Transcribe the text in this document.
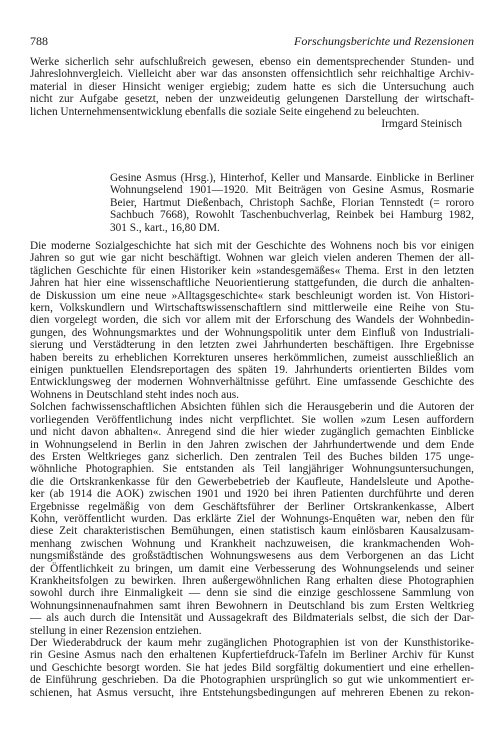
788	Forschungsberichte und Rezensionen

Werke sicherlich sehr aufschlußreich gewesen, ebenso ein dementsprechender Stunden- und
Jahreslohnvergleich. Vielleicht aber war das ansonsten offensichtlich sehr reichhaltige Archiv-
material in dieser Hinsicht weniger ergiebig; zudem hatte es sich die Untersuchung auch
nicht zur Aufgabe gesetzt, neben der unzweideutig gelungenen Darstellung der wirtschaft-
lichen Unternehmensentwicklung ebenfalls die soziale Seite eingehend zu beleuchten.

Irmgard Steinisch

Gesine Asmus (Hrsg.), Hinterhof, Keller und Mansarde. Einblicke in Berliner
Wohnungselend 1901—1920. Mit Beiträgen von Gesine Asmus, Rosmarie
Beier, Hartmut Dießenbach, Christoph Sachße, Florian Tennstedt (= rororo
Sachbuch 7668), Rowohlt Taschenbuchverlag, Reinbek bei Hamburg 1982,
301 S., kart., 16,80 DM.

Die moderne Sozialgeschichte hat sich mit der Geschichte des Wohnens noch bis vor einigen
Jahren so gut wie gar nicht beschäftigt. Wohnen war gleich vielen anderen Themen der all-
täglichen Geschichte für einen Historiker kein »standesgemäßes« Thema. Erst in den letzten
Jahren hat hier eine wissenschaftliche Neuorientierung stattgefunden, die durch die anhalten-
de Diskussion um eine neue »Alltagsgeschichte« stark beschleunigt worden ist. Von Histori-
kern, Volkskundlern und Wirtschaftswissenschaftlern sind mittlerweile eine Reihe von Stu-
dien vorgelegt worden, die sich vor allem mit der Erforschung des Wandels der Wohnbedin-
gungen, des Wohnungsmarktes und der Wohnungspolitik unter dem Einfluß von Industriali-
sierung und Verstädterung in den letzten zwei Jahrhunderten beschäftigen. Ihre Ergebnisse
haben bereits zu erheblichen Korrekturen unseres herkömmlichen, zumeist ausschließlich an
einigen punktuellen Elendsreportagen des späten 19. Jahrhunderts orientierten Bildes vom
Entwicklungsweg der modernen Wohnverhältnisse geführt. Eine umfassende Geschichte des
Wohnens in Deutschland steht indes noch aus.

Solchen fachwissenschaftlichen Absichten fühlen sich die Herausgeberin und die Autoren der
vorliegenden Veröffentlichung indes nicht verpflichtet. Sie wollen »zum Lesen auffordern
und nicht davon abhalten«. Anregend sind die hier wieder zugänglich gemachten Einblicke
in Wohnungselend in Berlin in den Jahren zwischen der Jahrhundertwende und dem Ende
des Ersten Weltkrieges ganz sicherlich. Den zentralen Teil des Buches bilden 175 unge-
wöhnliche Photographien. Sie entstanden als Teil langjähriger Wohnungsuntersuchungen,
die die Ortskrankenkasse für den Gewerbebetrieb der Kaufleute, Handelsleute und Apothe-
ker (ab 1914 die AOK) zwischen 1901 und 1920 bei ihren Patienten durchführte und deren
Ergebnisse regelmäßig von dem Geschäftsführer der Berliner Ortskrankenkasse, Albert
Kohn, veröffentlicht wurden. Das erklärte Ziel der Wohnungs-Enquêten war, neben den für
diese Zeit charakteristischen Bemühungen, einen statistisch kaum einlösbaren Kausalzusam-
menhang zwischen Wohnung und Krankheit nachzuweisen, die krankmachenden Woh-
nungsmißstände des großstädtischen Wohnungswesens aus dem Verborgenen an das Licht
der Öffentlichkeit zu bringen, um damit eine Verbesserung des Wohnungselends und seiner
Krankheitsfolgen zu bewirken. Ihren außergewöhnlichen Rang erhalten diese Photographien
sowohl durch ihre Einmaligkeit — denn sie sind die einzige geschlossene Sammlung von
Wohnungsinnenaufnahmen samt ihren Bewohnern in Deutschland bis zum Ersten Weltkrieg
— als auch durch die Intensität und Aussagekraft des Bildmaterials selbst, die sich der Dar-
stellung in einer Rezension entziehen.

Der Wiederabdruck der kaum mehr zugänglichen Photographien ist von der Kunsthistorike-
rin Gesine Asmus nach den erhaltenen Kupfertiefdruck-Tafeln im Berliner Archiv für Kunst
und Geschichte besorgt worden. Sie hat jedes Bild sorgfältig dokumentiert und eine erhellen-
de Einführung geschrieben. Da die Photographien ursprünglich so gut wie unkommentiert er-
schienen, hat Asmus versucht, ihre Entstehungsbedingungen auf mehreren Ebenen zu rekon-
